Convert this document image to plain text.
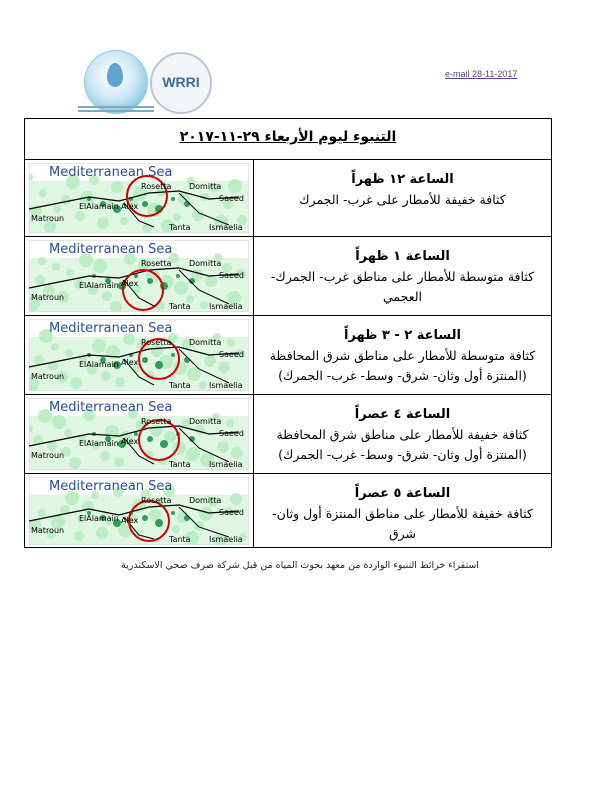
WRRI	e-mail 28-11-2017
التنبوء ليوم الأربعاء ٢٩-١١-٢٠١٧
Mediterranean Sea
Rosetta Domitta
Saeed
Matroun
ElAlamain Alex
Tanta Ismaelia
الساعة ١٢ ظهراً
كثافة خفيفة للأمطار على غرب- الجمرك
Mediterranean Sea
Rosetta Domitta
Saeed
Matroun
ElAlamain Alex
Tanta Ismaelia
الساعة ١ ظهراً
كثافة متوسطة للأمطار على مناطق غرب- الجمرك- العجمي
Mediterranean Sea
Rosetta Domitta
Saeed
Matroun
ElAlamain Alex
Tanta Ismaelia
الساعة ٢ - ٣ ظهراً
كثافة متوسطة للأمطار على مناطق شرق المحافظة (المنتزة أول وثان- شرق- وسط- غرب- الجمرك)
Mediterranean Sea
Rosetta Domitta
Saeed
Matroun
ElAlamain Alex
Tanta Ismaelia
الساعة ٤ عصراً
كثافة خفيفة للأمطار على مناطق شرق المحافظة (المنتزة أول وثان- شرق- وسط- غرب- الجمرك)
Mediterranean Sea
Rosetta Domitta
Saeed
Matroun
ElAlamain Alex
Tanta Ismaelia
الساعة ٥ عصراً
كثافة خفيفة للأمطار على مناطق المنتزة أول وثان- شرق
استقراء خرائط التنبوء الواردة من معهد بحوث المياه من قبل شركة صرف صحي الاسكندرية
